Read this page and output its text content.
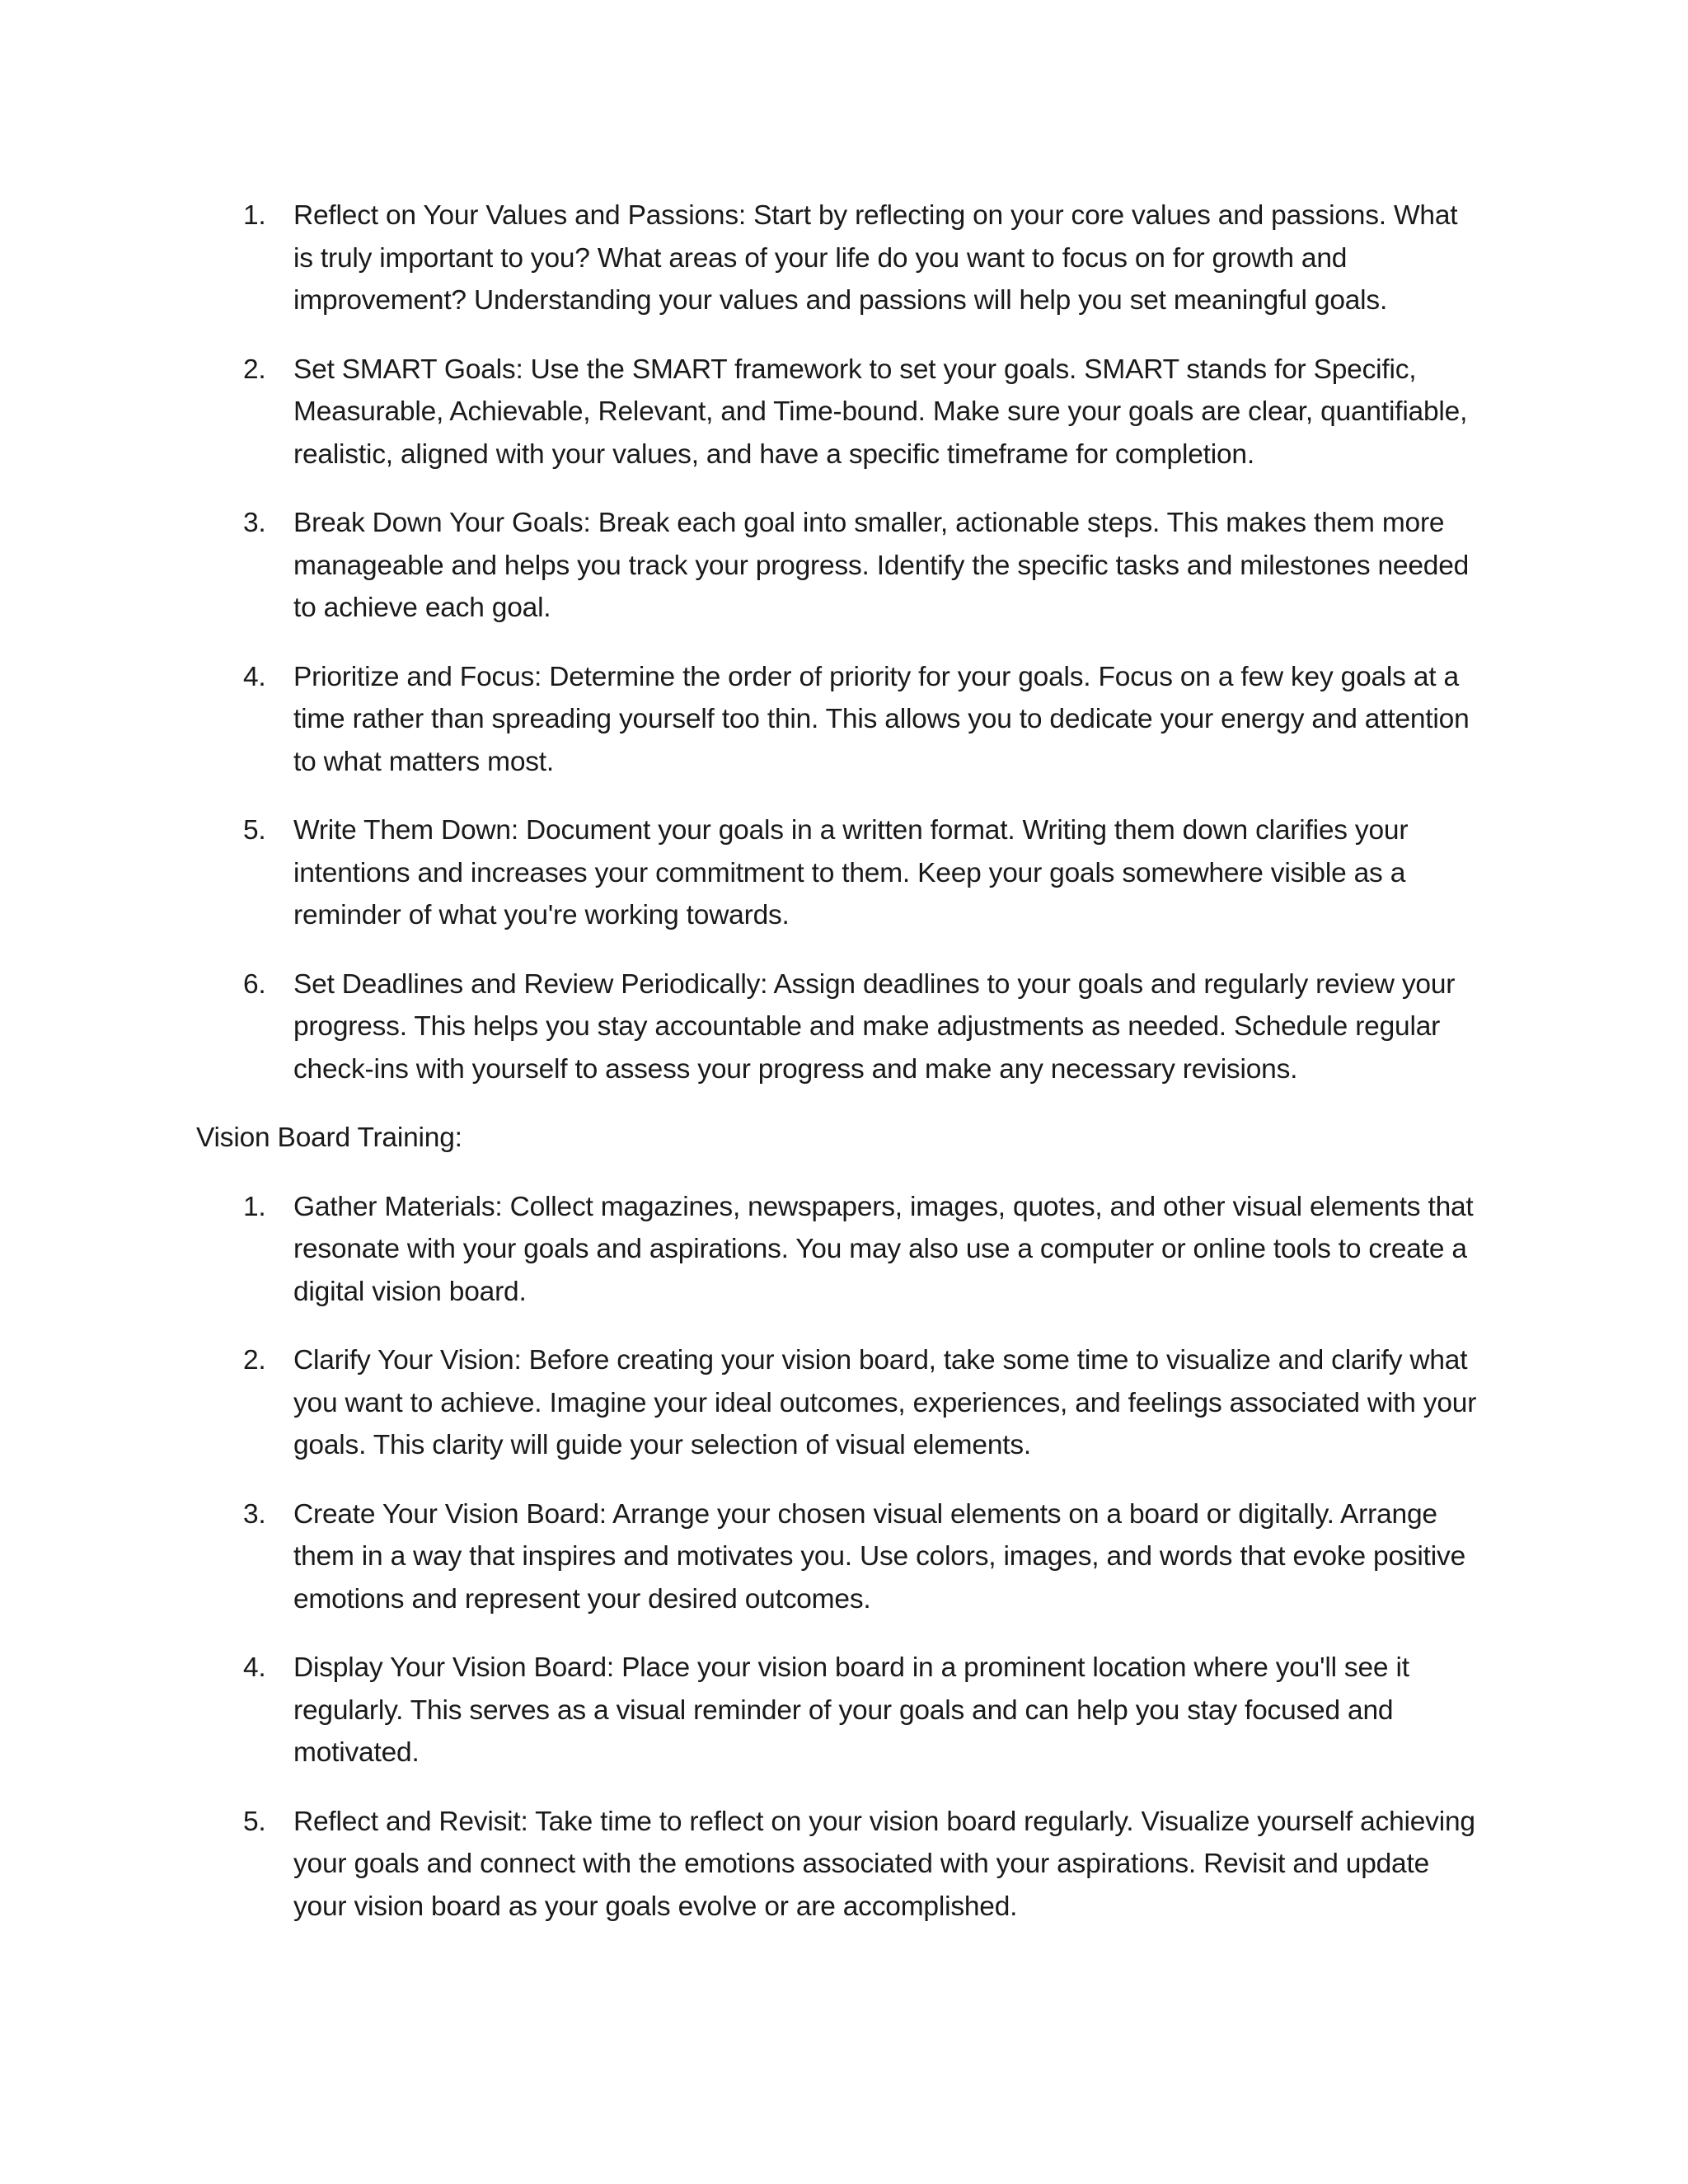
1. Reflect on Your Values and Passions: Start by reflecting on your core values and passions. What is truly important to you? What areas of your life do you want to focus on for growth and improvement? Understanding your values and passions will help you set meaningful goals.
2. Set SMART Goals: Use the SMART framework to set your goals. SMART stands for Specific, Measurable, Achievable, Relevant, and Time-bound. Make sure your goals are clear, quantifiable, realistic, aligned with your values, and have a specific timeframe for completion.
3. Break Down Your Goals: Break each goal into smaller, actionable steps. This makes them more manageable and helps you track your progress. Identify the specific tasks and milestones needed to achieve each goal.
4. Prioritize and Focus: Determine the order of priority for your goals. Focus on a few key goals at a time rather than spreading yourself too thin. This allows you to dedicate your energy and attention to what matters most.
5. Write Them Down: Document your goals in a written format. Writing them down clarifies your intentions and increases your commitment to them. Keep your goals somewhere visible as a reminder of what you're working towards.
6. Set Deadlines and Review Periodically: Assign deadlines to your goals and regularly review your progress. This helps you stay accountable and make adjustments as needed. Schedule regular check-ins with yourself to assess your progress and make any necessary revisions.

Vision Board Training:

1. Gather Materials: Collect magazines, newspapers, images, quotes, and other visual elements that resonate with your goals and aspirations. You may also use a computer or online tools to create a digital vision board.
2. Clarify Your Vision: Before creating your vision board, take some time to visualize and clarify what you want to achieve. Imagine your ideal outcomes, experiences, and feelings associated with your goals. This clarity will guide your selection of visual elements.
3. Create Your Vision Board: Arrange your chosen visual elements on a board or digitally. Arrange them in a way that inspires and motivates you. Use colors, images, and words that evoke positive emotions and represent your desired outcomes.
4. Display Your Vision Board: Place your vision board in a prominent location where you'll see it regularly. This serves as a visual reminder of your goals and can help you stay focused and motivated.
5. Reflect and Revisit: Take time to reflect on your vision board regularly. Visualize yourself achieving your goals and connect with the emotions associated with your aspirations. Revisit and update your vision board as your goals evolve or are accomplished.
